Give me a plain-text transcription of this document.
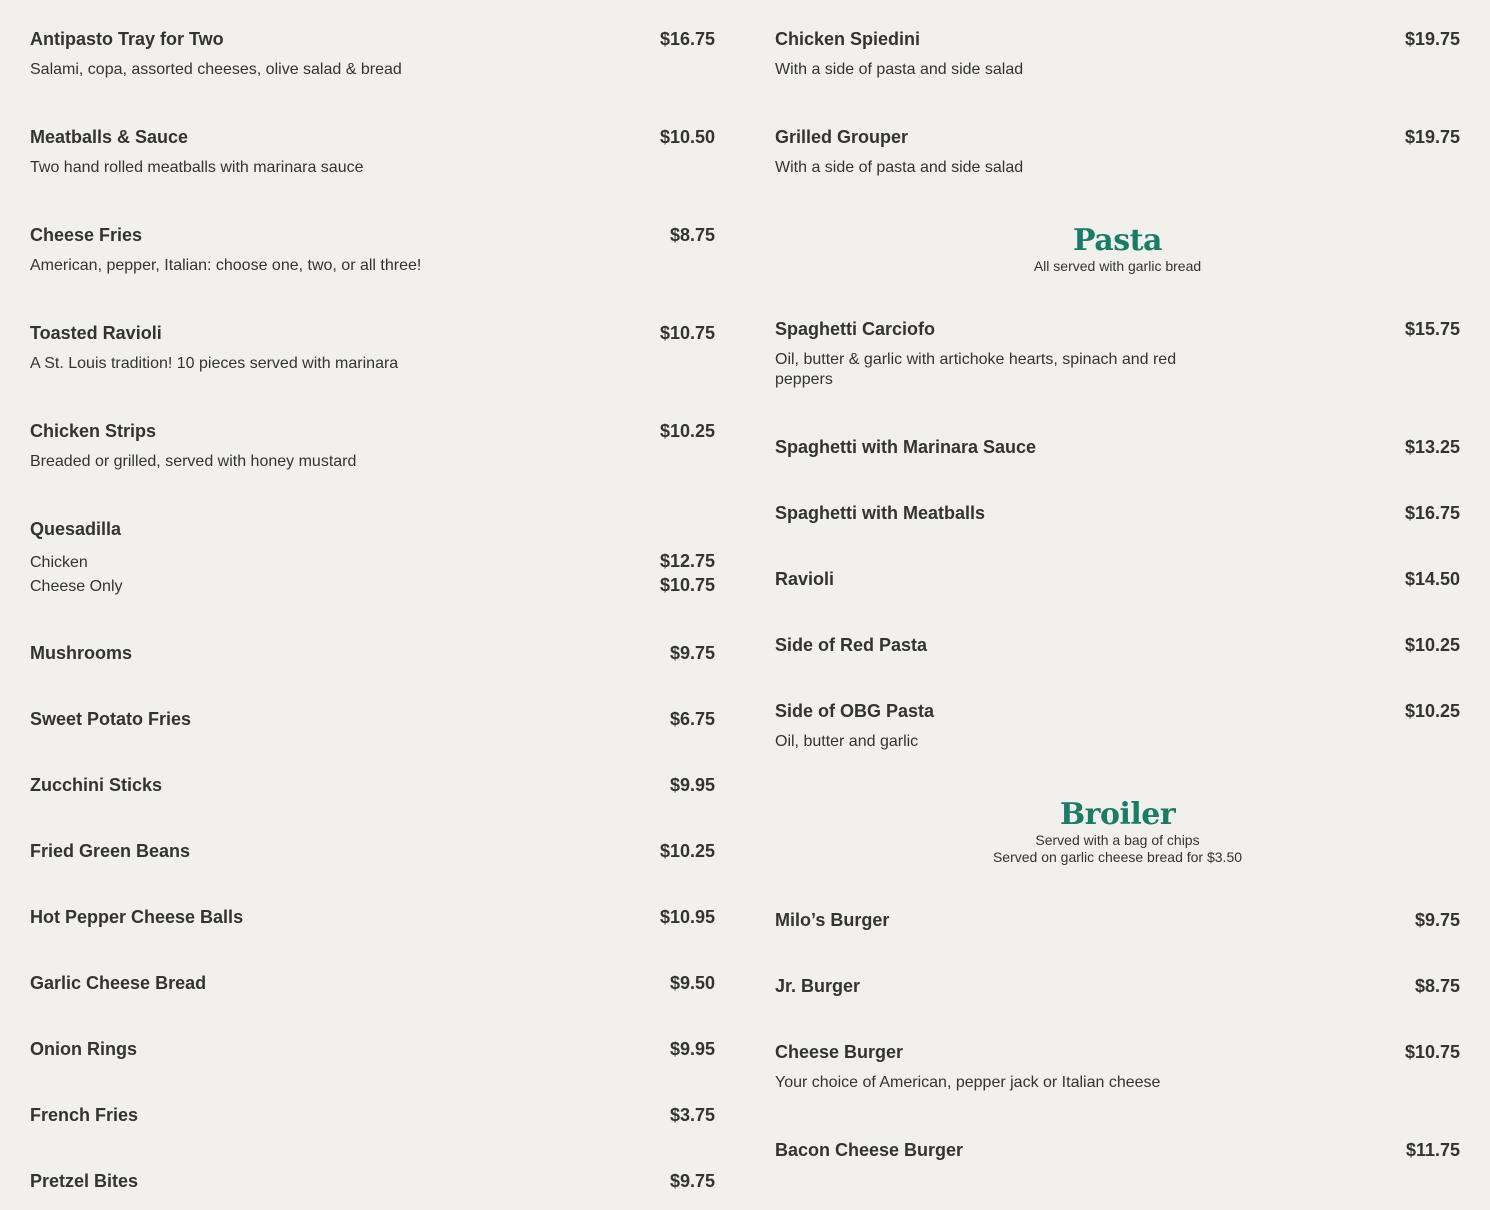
Antipasto Tray for Two	$16.75
Salami, copa, assorted cheeses, olive salad & bread
Meatballs & Sauce	$10.50
Two hand rolled meatballs with marinara sauce
Cheese Fries	$8.75
American, pepper, Italian: choose one, two, or all three!
Toasted Ravioli	$10.75
A St. Louis tradition! 10 pieces served with marinara
Chicken Strips	$10.25
Breaded or grilled, served with honey mustard
Quesadilla
Chicken	$12.75
Cheese Only	$10.75
Mushrooms	$9.75
Sweet Potato Fries	$6.75
Zucchini Sticks	$9.95
Fried Green Beans	$10.25
Hot Pepper Cheese Balls	$10.95
Garlic Cheese Bread	$9.50
Onion Rings	$9.95
French Fries	$3.75
Pretzel Bites	$9.75
Chicken Spiedini	$19.75
With a side of pasta and side salad
Grilled Grouper	$19.75
With a side of pasta and side salad
Pasta
All served with garlic bread
Spaghetti Carciofo	$15.75
Oil, butter & garlic with artichoke hearts, spinach and red peppers
Spaghetti with Marinara Sauce	$13.25
Spaghetti with Meatballs	$16.75
Ravioli	$14.50
Side of Red Pasta	$10.25
Side of OBG Pasta	$10.25
Oil, butter and garlic
Broiler
Served with a bag of chips
Served on garlic cheese bread for $3.50
Milo’s Burger	$9.75
Jr. Burger	$8.75
Cheese Burger	$10.75
Your choice of American, pepper jack or Italian cheese
Bacon Cheese Burger	$11.75
